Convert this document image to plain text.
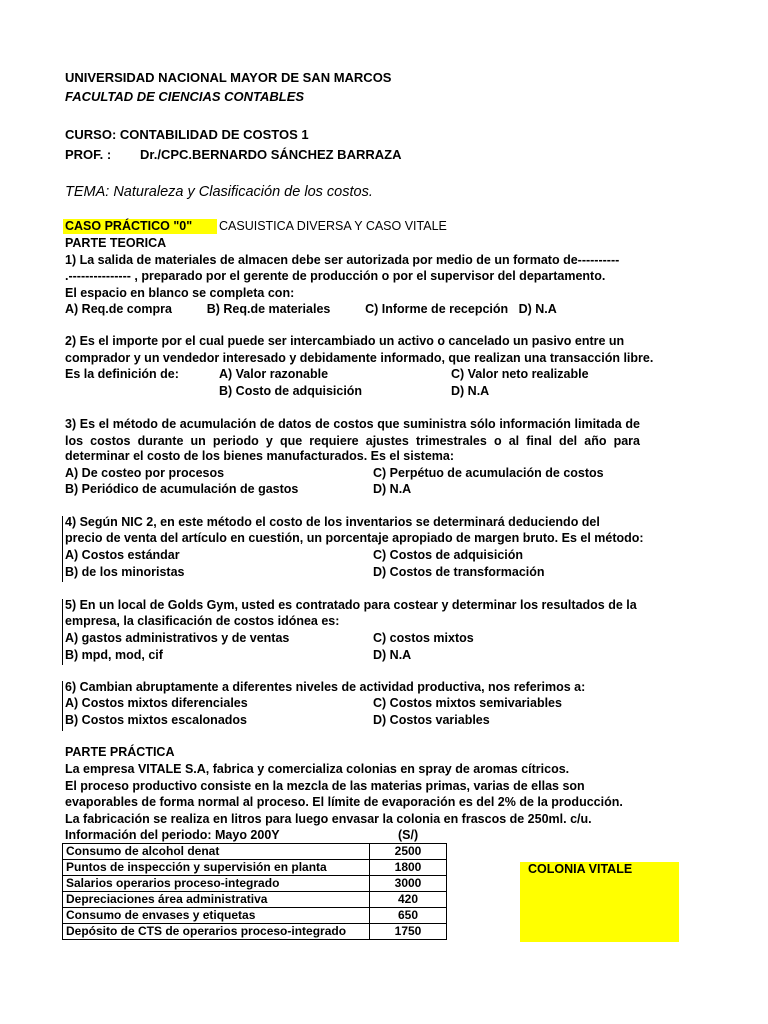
UNIVERSIDAD NACIONAL MAYOR DE SAN MARCOS
FACULTAD DE CIENCIAS CONTABLES
CURSO: CONTABILIDAD DE COSTOS 1
PROF. : Dr./CPC.BERNARDO SÁNCHEZ BARRAZA
TEMA: Naturaleza y Clasificación de los costos.
CASO PRÁCTICO "0"	CASUISTICA DIVERSA Y CASO VITALE
PARTE TEORICA
1) La salida de materiales de almacen debe ser autorizada por medio de un formato de----------
.--------------- , preparado por el gerente de producción o por el supervisor del departamento.
El espacio en blanco se completa con:
A) Req.de compra          B) Req.de materiales          C) Informe de recepción   D) N.A
2) Es el importe por el cual puede ser intercambiado un activo o cancelado un pasivo entre un
comprador y un vendedor interesado y debidamente informado, que realizan una transacción libre.
Es la definición de:	A) Valor razonable	C) Valor neto realizable
B) Costo de adquisición	D) N.A
3) Es el método de acumulación de datos de costos que suministra sólo información limitada de
los costos durante un periodo y que requiere ajustes trimestrales o al final del año para
determinar el costo de los bienes manufacturados. Es el sistema:
A) De costeo por procesos	C) Perpétuo de acumulación de costos
B) Periódico de acumulación de gastos	D) N.A
4) Según NIC 2, en este método el costo de los inventarios se determinará deduciendo del
precio de venta del artículo en cuestión, un porcentaje apropiado de margen bruto. Es el método:
A) Costos estándar	C) Costos de adquisición
B) de los minoristas	D) Costos de transformación
5) En un local de Golds Gym, usted es contratado para costear y determinar los resultados de la
empresa, la clasificación de costos idónea es:
A) gastos administrativos y de ventas	C) costos mixtos
B) mpd, mod, cif	D) N.A
6) Cambian abruptamente a diferentes niveles de actividad productiva, nos referimos a:
A) Costos mixtos diferenciales	C) Costos mixtos semivariables
B) Costos mixtos escalonados	D) Costos variables
PARTE PRÁCTICA
La empresa VITALE S.A, fabrica y comercializa colonias en spray de aromas cítricos.
El proceso productivo consiste en la mezcla de las materias primas, varias de ellas son
evaporables de forma normal al proceso. El límite de evaporación es del 2% de la producción.
La fabricación se realiza en litros para luego envasar la colonia en frascos de 250ml. c/u.
Información del periodo: Mayo 200Y	(S/)
Consumo de alcohol denat	2500
Puntos de inspección y supervisión en planta	1800
Salarios operarios proceso-integrado	3000
Depreciaciones área administrativa	420
Consumo de envases y etiquetas	650
Depósito de CTS de operarios proceso-integrado	1750
COLONIA VITALE
